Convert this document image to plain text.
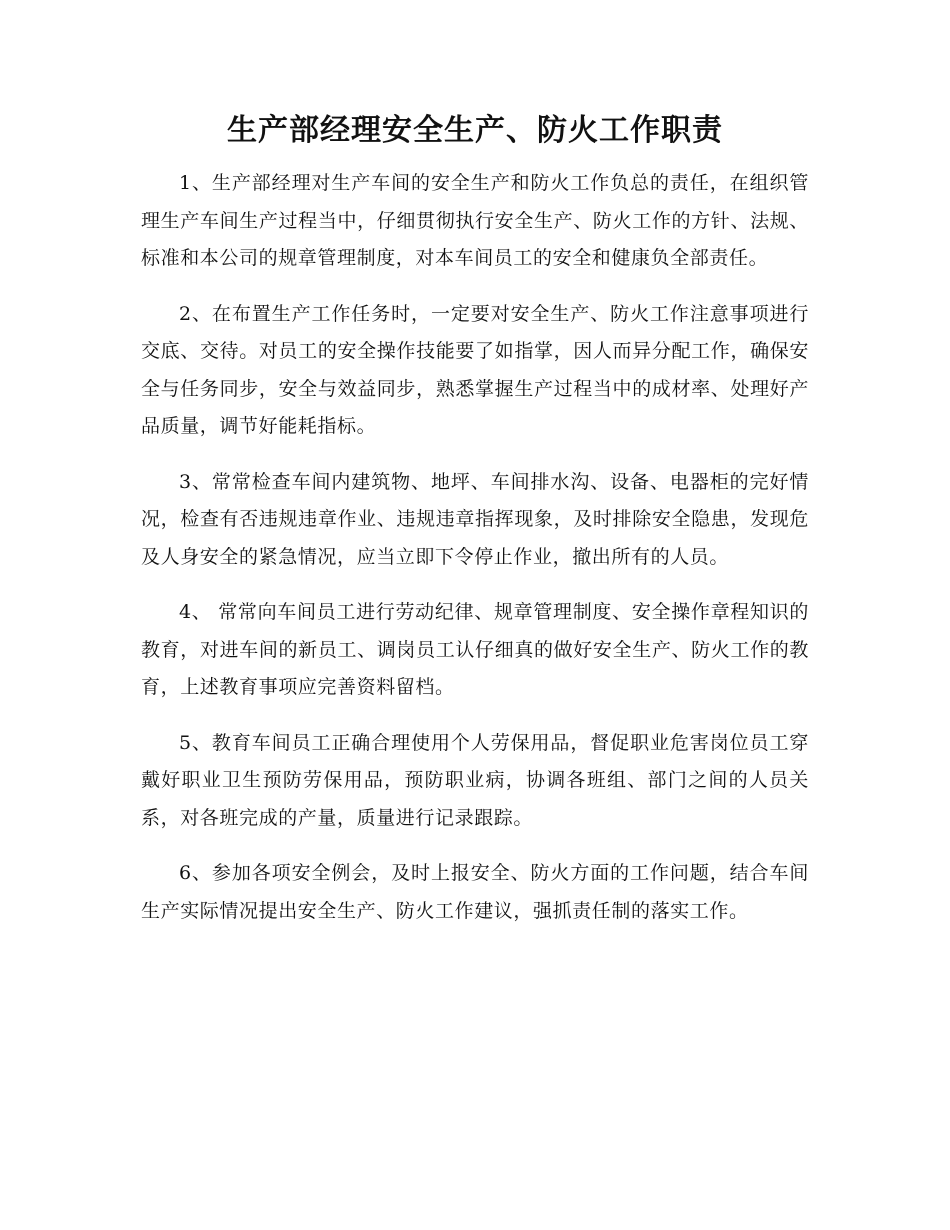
生产部经理安全生产、防火工作职责

1、生产部经理对生产车间的安全生产和防火工作负总的责任，在组织管理生产车间生产过程当中，仔细贯彻执行安全生产、防火工作的方针、法规、标准和本公司的规章管理制度，对本车间员工的安全和健康负全部责任。

2、在布置生产工作任务时，一定要对安全生产、防火工作注意事项进行交底、交待。对员工的安全操作技能要了如指掌，因人而异分配工作，确保安全与任务同步，安全与效益同步，熟悉掌握生产过程当中的成材率、处理好产品质量，调节好能耗指标。

3、常常检查车间内建筑物、地坪、车间排水沟、设备、电器柜的完好情况，检查有否违规违章作业、违规违章指挥现象，及时排除安全隐患，发现危及人身安全的紧急情况，应当立即下令停止作业，撤出所有的人员。

4、 常常向车间员工进行劳动纪律、规章管理制度、安全操作章程知识的教育，对进车间的新员工、调岗员工认仔细真的做好安全生产、防火工作的教育，上述教育事项应完善资料留档。

5、教育车间员工正确合理使用个人劳保用品，督促职业危害岗位员工穿戴好职业卫生预防劳保用品，预防职业病，协调各班组、部门之间的人员关系，对各班完成的产量，质量进行记录跟踪。

6、参加各项安全例会，及时上报安全、防火方面的工作问题，结合车间生产实际情况提出安全生产、防火工作建议，强抓责任制的落实工作。
